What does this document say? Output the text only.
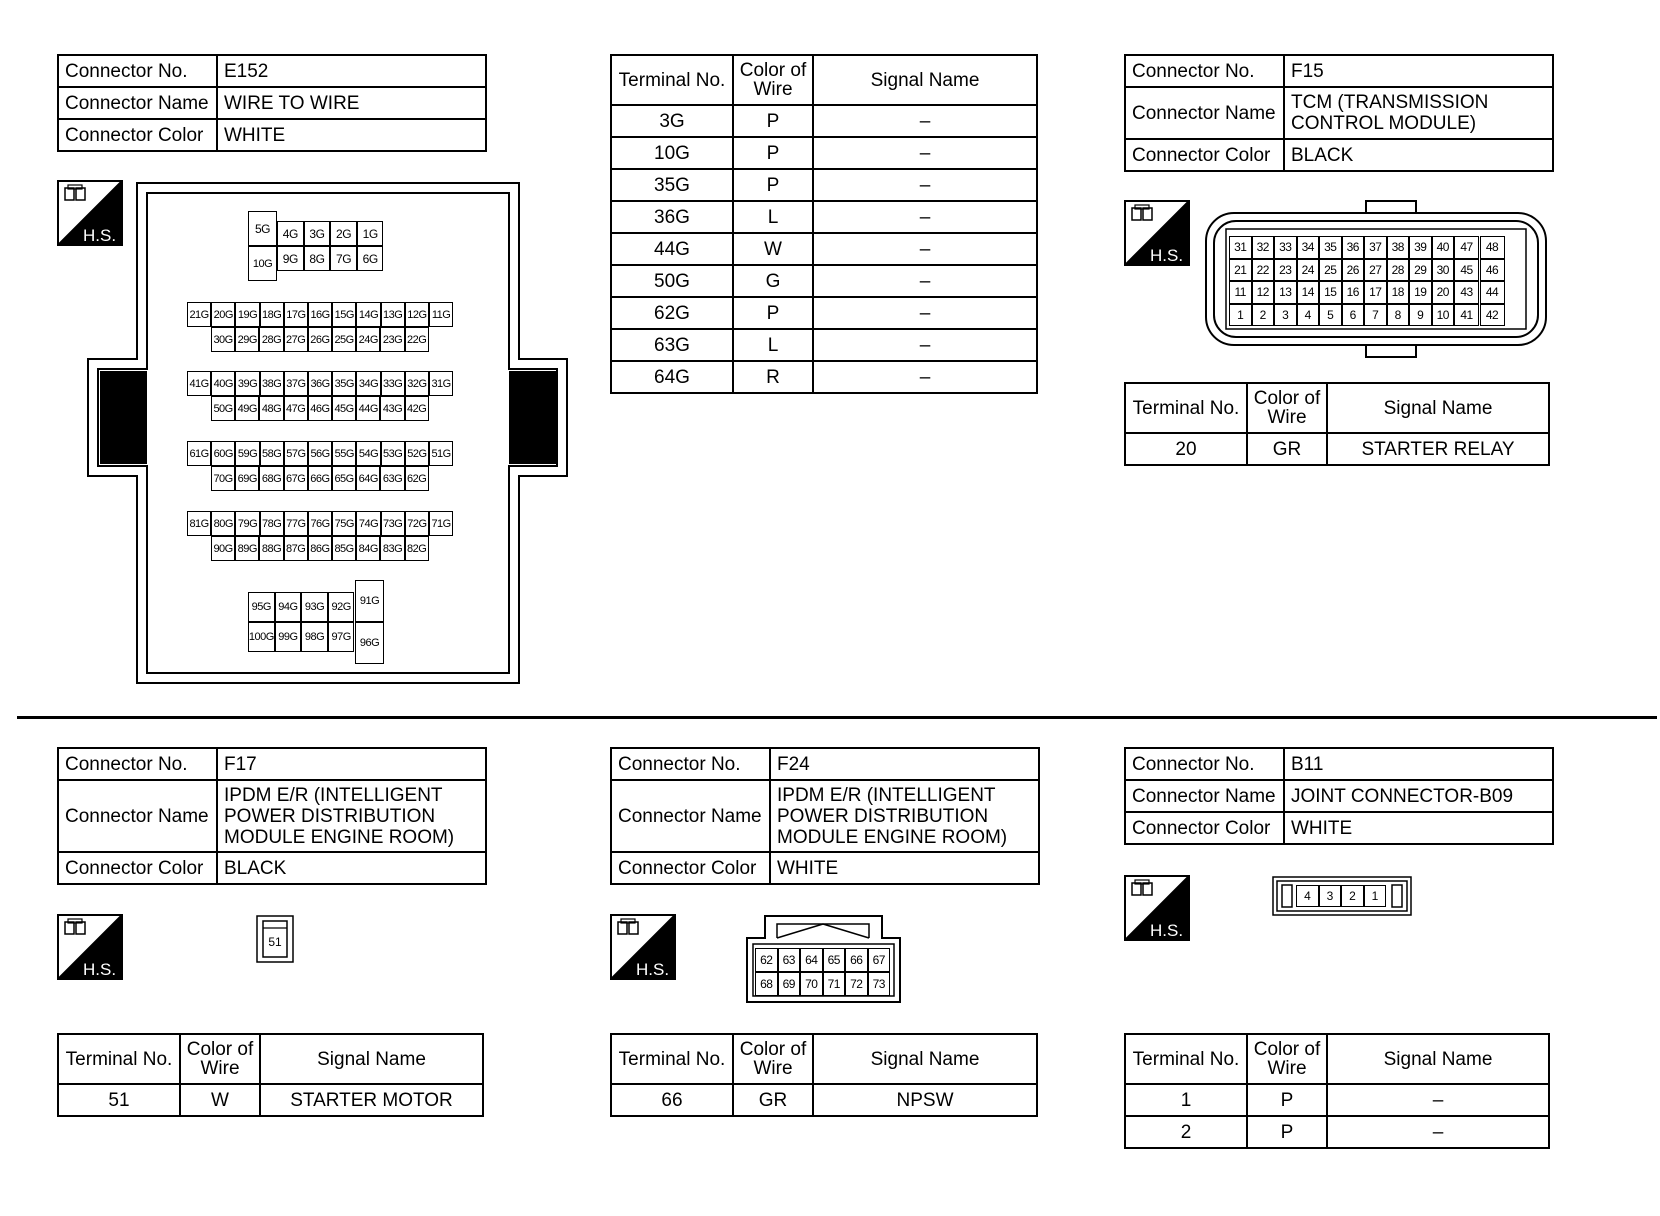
Connector No.	E152
Connector Name	WIRE TO WIRE
Connector Color	WHITE
H.S.	5G	4G 3G 2G 1G
10G 9G 8G 7G 6G
21G 20G 19G 18G 17G 16G 15G 14G 13G 12G 11G
30G 29G 28G 27G 26G 25G 24G 23G 22G
41G 40G 39G 38G 37G 36G 35G 34G 33G 32G 31G
50G 49G 48G 47G 46G 45G 44G 43G 42G
61G 60G 59G 58G 57G 56G 55G 54G 53G 52G 51G
70G 69G 68G 67G 66G 65G 64G 63G 62G
81G 80G 79G 78G 77G 76G 75G 74G 73G 72G 71G
90G 89G 88G 87G 86G 85G 84G 83G 82G
95G 94G 93G 92G 91G
100G 99G 98G 97G 96G
Terminal No.	Color of Wire	Signal Name
3G	P	–
10G	P	–
35G	P	–
36G	L	–
44G	W	–
50G	G	–
62G	P	–
63G	L	–
64G	R	–
Connector No.	F15
Connector Name	TCM (TRANSMISSION
CONTROL MODULE)
Connector Color	BLACK
H.S.	31 32 33 34 35 36 37 38 39 40 47	48
21 22 23 24 25 26 27 28 29 30 45	46
11 12 13 14 15 16 17 18 19 20 43	44
1	2	3	4	5	6	7	8	9	10 41	42
Terminal No.	Color of Wire	Signal Name
20	GR	STARTER RELAY
Connector No.	F17
Connector Name	IPDM E/R (INTELLIGENT
POWER DISTRIBUTION
MODULE ENGINE ROOM)
Connector Color	BLACK
H.S.
51
Terminal No.	Color of Wire	Signal Name
51	W	STARTER MOTOR
Connector No.	F24
Connector Name	IPDM E/R (INTELLIGENT
POWER DISTRIBUTION
MODULE ENGINE ROOM)
Connector Color	WHITE
H.S.	62 63 64 65 66 67
68 69 70 71 72 73
Terminal No.	Color of Wire	Signal Name
66	GR	NPSW
Connector No.	B11
Connector Name	JOINT CONNECTOR-B09
Connector Color	WHITE
H.S.
4	3	2	1
Terminal No.	Color of Wire	Signal Name
1	P	–
2	P	–
